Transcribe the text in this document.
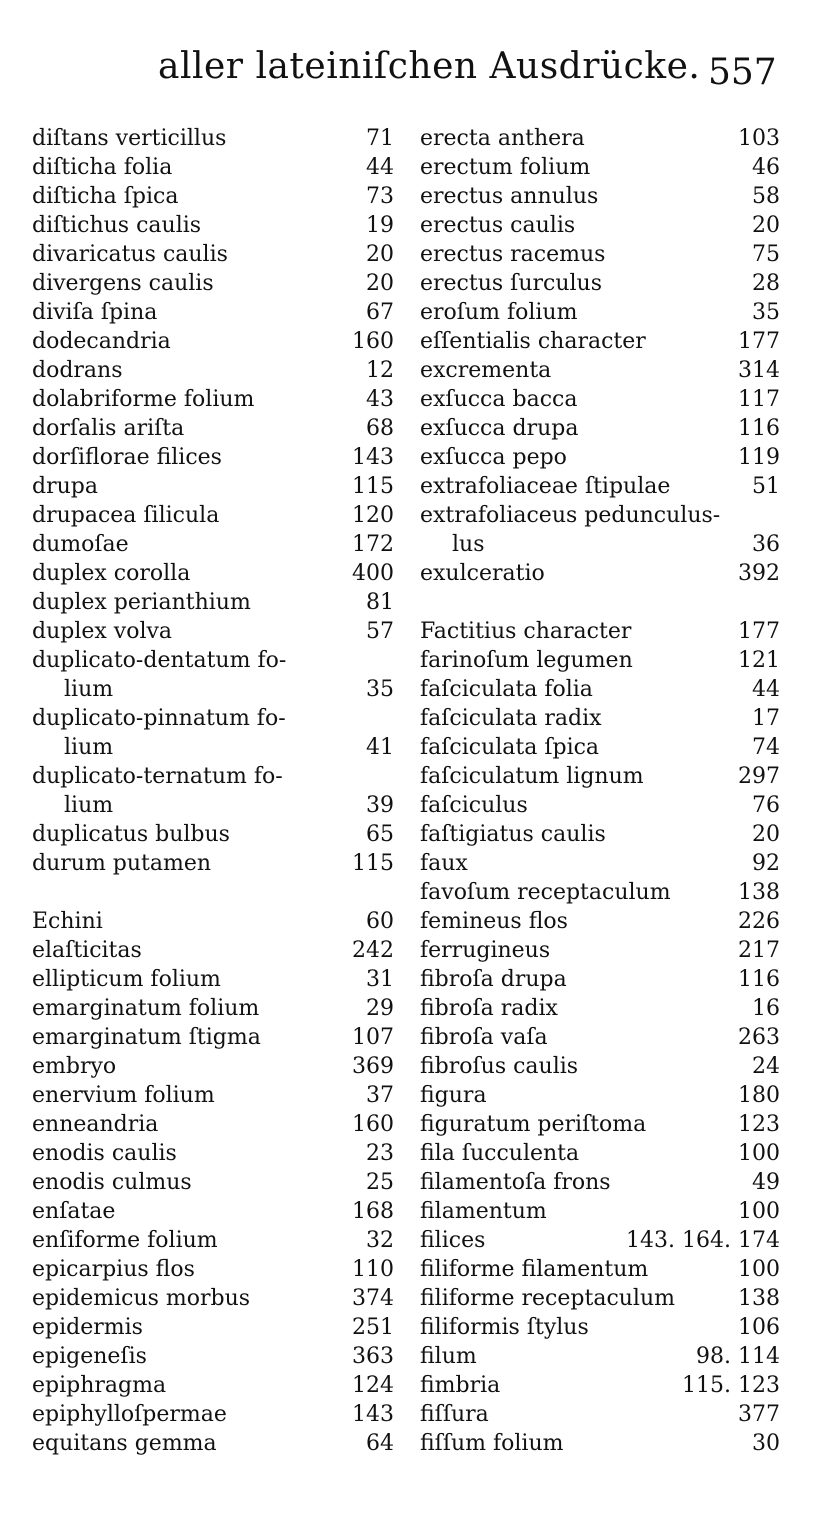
aller lateiniſchen Ausdrücke. 557
diſtans verticillus	71
diſticha folia	44
diſticha ſpica	73
diſtichus caulis	19
divaricatus caulis	20
divergens caulis	20
diviſa ſpina	67
dodecandria	160
dodrans	12
dolabriforme folium	43
dorſalis ariſta	68
dorſiflorae filices	143
drupa	115
drupacea ſilicula	120
dumoſae	172
duplex corolla	400
duplex perianthium	81
duplex volva	57
duplicato-dentatum fo-
lium	35
duplicato-pinnatum fo-
lium	41
duplicato-ternatum fo-
lium	39
duplicatus bulbus	65
durum putamen	115
Echini	60
elaſticitas	242
ellipticum folium	31
emarginatum folium	29
emarginatum ſtigma	107
embryo	369
enervium folium	37
enneandria	160
enodis caulis	23
enodis culmus	25
enſatae	168
enſiforme folium	32
epicarpius flos	110
epidemicus morbus	374
epidermis	251
epigeneſis	363
epiphragma	124
epiphylloſpermae	143
equitans gemma	64
erecta anthera	103
erectum folium	46
erectus annulus	58
erectus caulis	20
erectus racemus	75
erectus ſurculus	28
eroſum folium	35
eſſentialis character	177
excrementa	314
exſucca bacca	117
exſucca drupa	116
exſucca pepo	119
extrafoliaceae ſtipulae	51
extrafoliaceus pedunculus-
lus	36
exulceratio	392
Factitius character	177
farinoſum legumen	121
faſciculata folia	44
faſciculata radix	17
faſciculata ſpica	74
faſciculatum lignum	297
faſciculus	76
faſtigiatus caulis	20
faux	92
favoſum receptaculum	138
femineus flos	226
ferrugineus	217
fibroſa drupa	116
fibroſa radix	16
fibroſa vaſa	263
fibroſus caulis	24
figura	180
figuratum periſtoma	123
fila ſucculenta	100
filamentoſa frons	49
filamentum	100
filices	143. 164. 174
filiforme filamentum	100
filiforme receptaculum	138
filiformis ſtylus	106
filum	98. 114
fimbria	115. 123
fiſſura	377
fiſſum folium	30
